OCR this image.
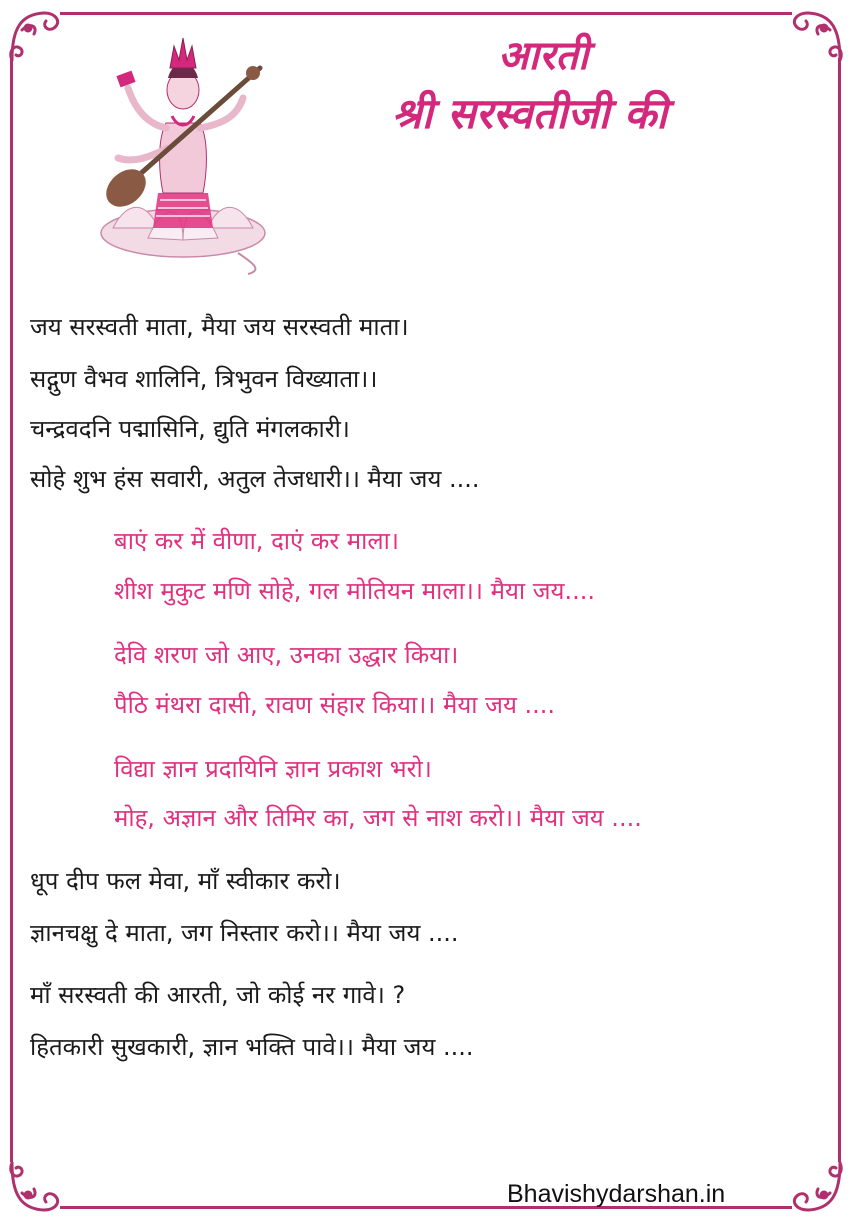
आरती
श्री सरस्वतीजी की
जय सरस्वती माता, मैया जय सरस्वती माता।
सद्गुण वैभव शालिनि, त्रिभुवन विख्याता।।
चन्द्रवदनि पद्मासिनि, द्युति मंगलकारी।
सोहे शुभ हंस सवारी, अतुल तेजधारी।। मैया जय ....
बाएं कर में वीणा, दाएं कर माला।
शीश मुकुट मणि सोहे, गल मोतियन माला।। मैया जय....
देवि शरण जो आए, उनका उद्धार किया।
पैठि मंथरा दासी, रावण संहार किया।। मैया जय ....
विद्या ज्ञान प्रदायिनि ज्ञान प्रकाश भरो।
मोह, अज्ञान और तिमिर का, जग से नाश करो।। मैया जय ....
धूप दीप फल मेवा, माँ स्वीकार करो।
ज्ञानचक्षु दे माता, जग निस्तार करो।। मैया जय ....
माँ सरस्वती की आरती, जो कोई नर गावे। ?
हितकारी सुखकारी, ज्ञान भक्ति पावे।। मैया जय ....
Bhavishydarshan.in
